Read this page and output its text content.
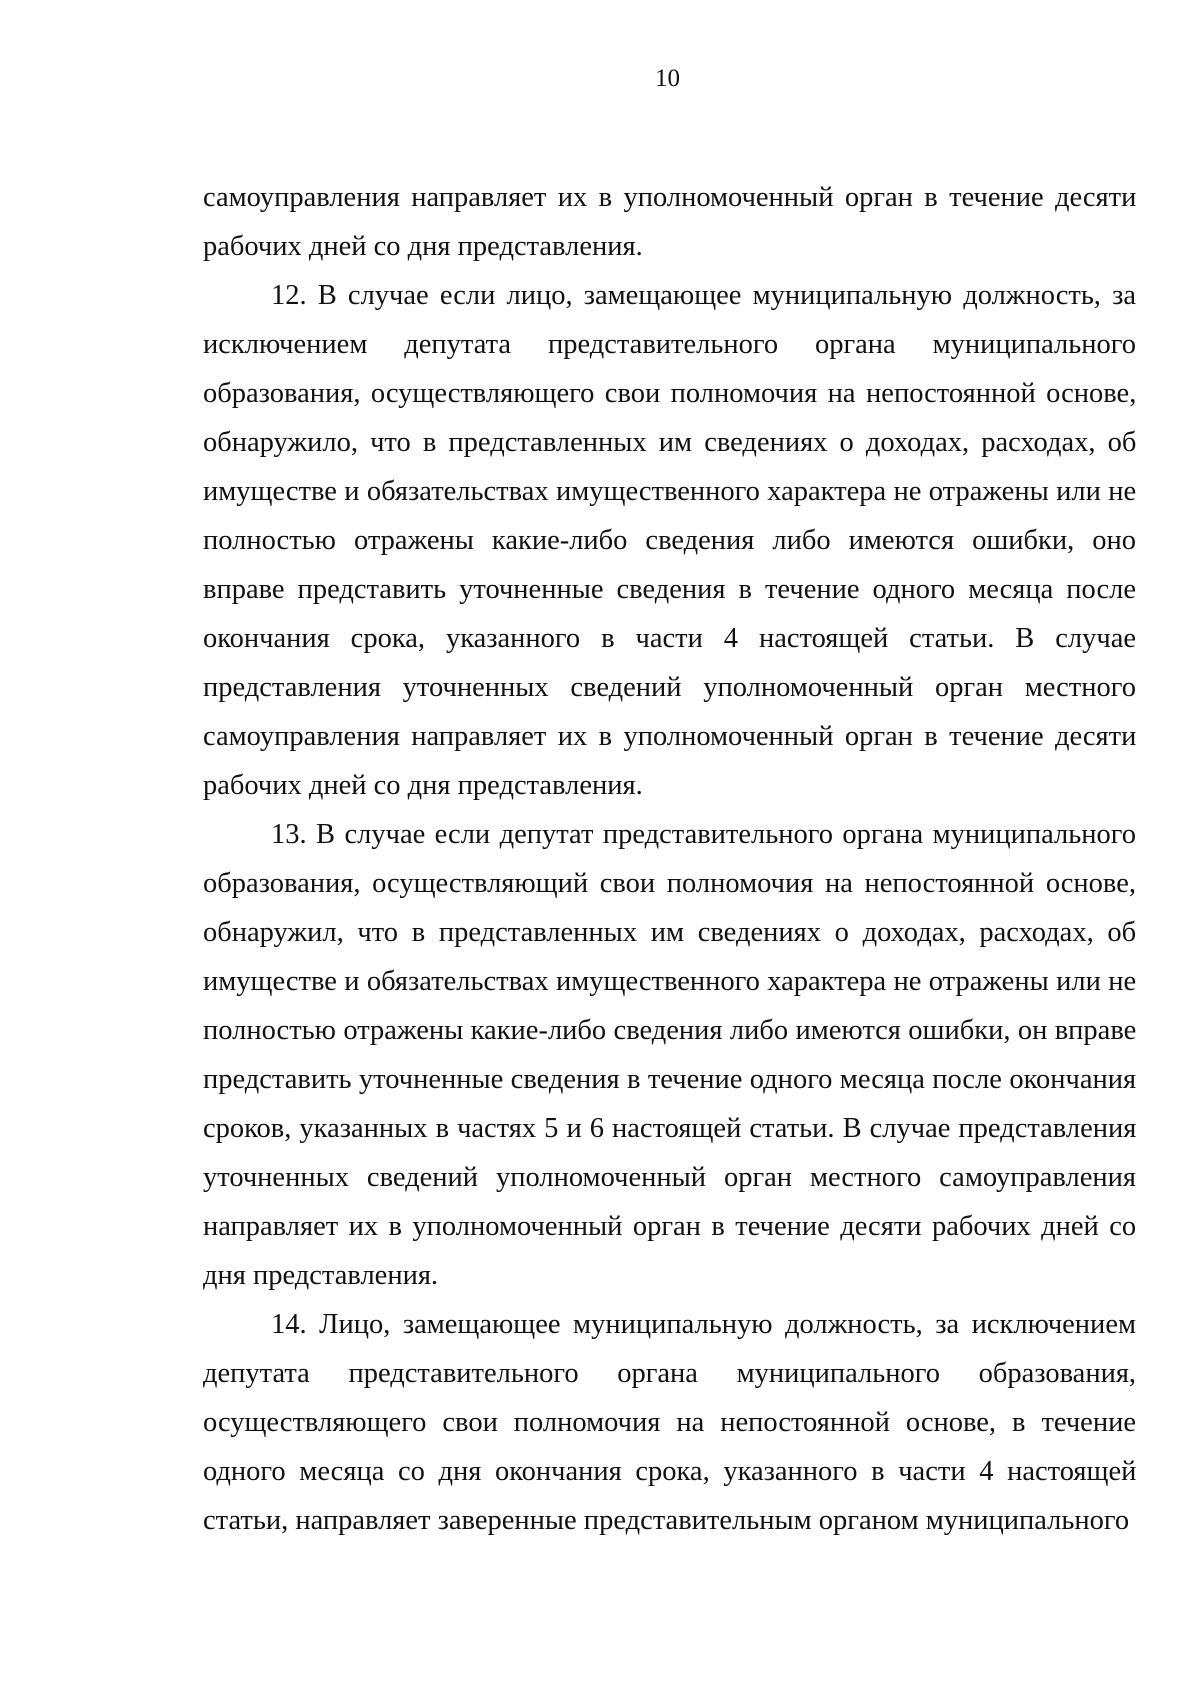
10

самоуправления направляет их в уполномоченный орган в течение десяти
рабочих дней со дня представления.

12. В случае если лицо, замещающее муниципальную должность, за
исключением депутата представительного органа муниципального
образования, осуществляющего свои полномочия на непостоянной основе,
обнаружило, что в представленных им сведениях о доходах, расходах, об
имуществе и обязательствах имущественного характера не отражены или не
полностью отражены какие-либо сведения либо имеются ошибки, оно
вправе представить уточненные сведения в течение одного месяца после
окончания срока, указанного в части 4 настоящей статьи. В случае
представления уточненных сведений уполномоченный орган местного
самоуправления направляет их в уполномоченный орган в течение десяти
рабочих дней со дня представления.

13. В случае если депутат представительного органа муниципального
образования, осуществляющий свои полномочия на непостоянной основе,
обнаружил, что в представленных им сведениях о доходах, расходах, об
имуществе и обязательствах имущественного характера не отражены или не
полностью отражены какие-либо сведения либо имеются ошибки, он вправе
представить уточненные сведения в течение одного месяца после окончания
сроков, указанных в частях 5 и 6 настоящей статьи. В случае представления
уточненных сведений уполномоченный орган местного самоуправления
направляет их в уполномоченный орган в течение десяти рабочих дней со
дня представления.

14. Лицо, замещающее муниципальную должность, за исключением
депутата представительного органа муниципального образования,
осуществляющего свои полномочия на непостоянной основе, в течение
одного месяца со дня окончания срока, указанного в части 4 настоящей
статьи, направляет заверенные представительным органом муниципального
